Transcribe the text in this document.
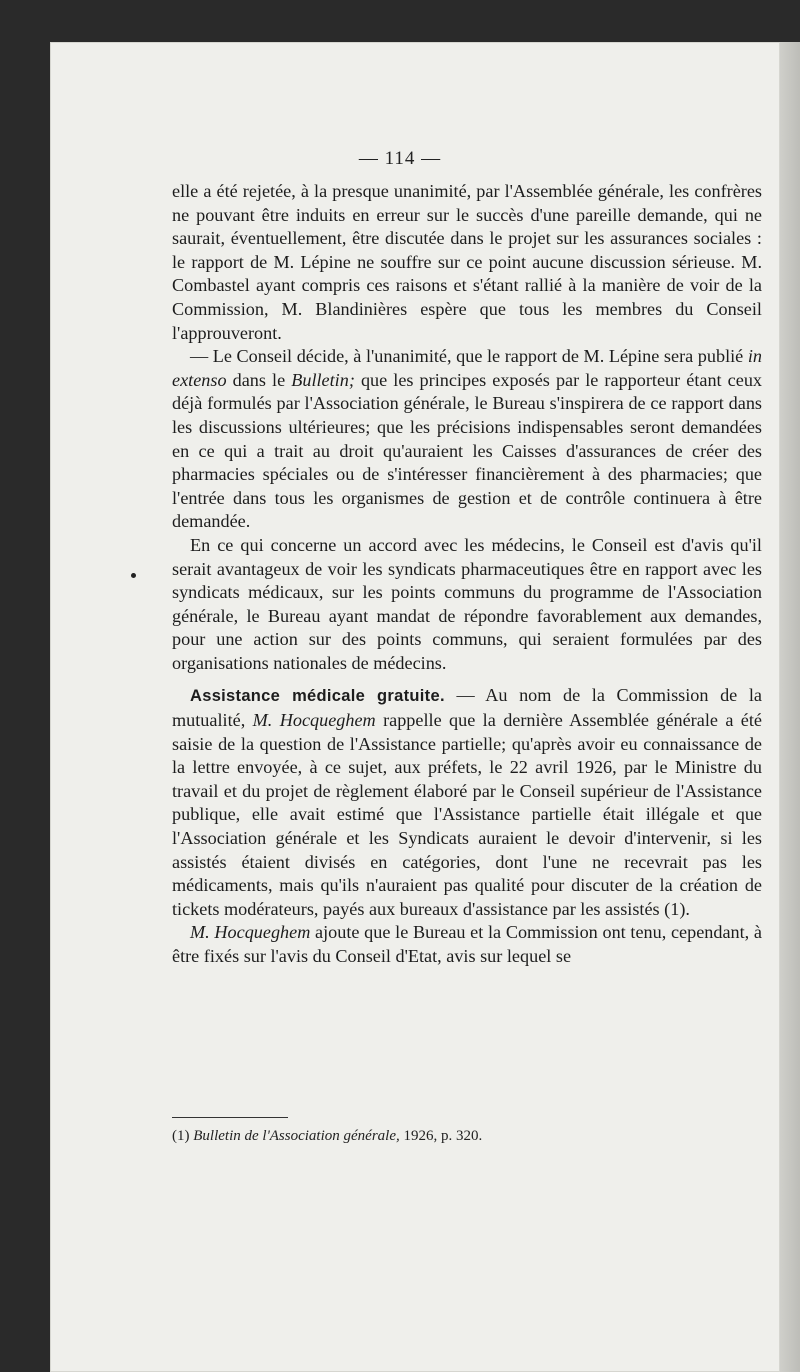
— 114 —

elle a été rejetée, à la presque unanimité, par l'Assemblée générale, les confrères ne pouvant être induits en erreur sur le succès d'une pareille demande, qui ne saurait, éventuellement, être discutée dans le projet sur les assurances sociales : le rapport de M. Lépine ne souffre sur ce point aucune discussion sérieuse. M. Combastel ayant compris ces raisons et s'étant rallié à la manière de voir de la Commission, M. Blandinières espère que tous les membres du Conseil l'approuveront.

— Le Conseil décide, à l'unanimité, que le rapport de M. Lépine sera publié in extenso dans le Bulletin; que les principes exposés par le rapporteur étant ceux déjà formulés par l'Association générale, le Bureau s'inspirera de ce rapport dans les discussions ultérieures; que les précisions indispensables seront demandées en ce qui a trait au droit qu'auraient les Caisses d'assurances de créer des pharmacies spéciales ou de s'intéresser financièrement à des pharmacies; que l'entrée dans tous les organismes de gestion et de contrôle continuera à être demandée.

En ce qui concerne un accord avec les médecins, le Conseil est d'avis qu'il serait avantageux de voir les syndicats pharmaceutiques être en rapport avec les syndicats médicaux, sur les points communs du programme de l'Association générale, le Bureau ayant mandat de répondre favorablement aux demandes, pour une action sur des points communs, qui seraient formulées par des organisations nationales de médecins.

Assistance médicale gratuite. — Au nom de la Commission de la mutualité, M. Hocqueghem rappelle que la dernière Assemblée générale a été saisie de la question de l'Assistance partielle; qu'après avoir eu connaissance de la lettre envoyée, à ce sujet, aux préfets, le 22 avril 1926, par le Ministre du travail et du projet de règlement élaboré par le Conseil supérieur de l'Assistance publique, elle avait estimé que l'Assistance partielle était illégale et que l'Association générale et les Syndicats auraient le devoir d'intervenir, si les assistés étaient divisés en catégories, dont l'une ne recevrait pas les médicaments, mais qu'ils n'auraient pas qualité pour discuter de la création de tickets modérateurs, payés aux bureaux d'assistance par les assistés (1).

M. Hocqueghem ajoute que le Bureau et la Commission ont tenu, cependant, à être fixés sur l'avis du Conseil d'Etat, avis sur lequel se

(1) Bulletin de l'Association générale, 1926, p. 320.
